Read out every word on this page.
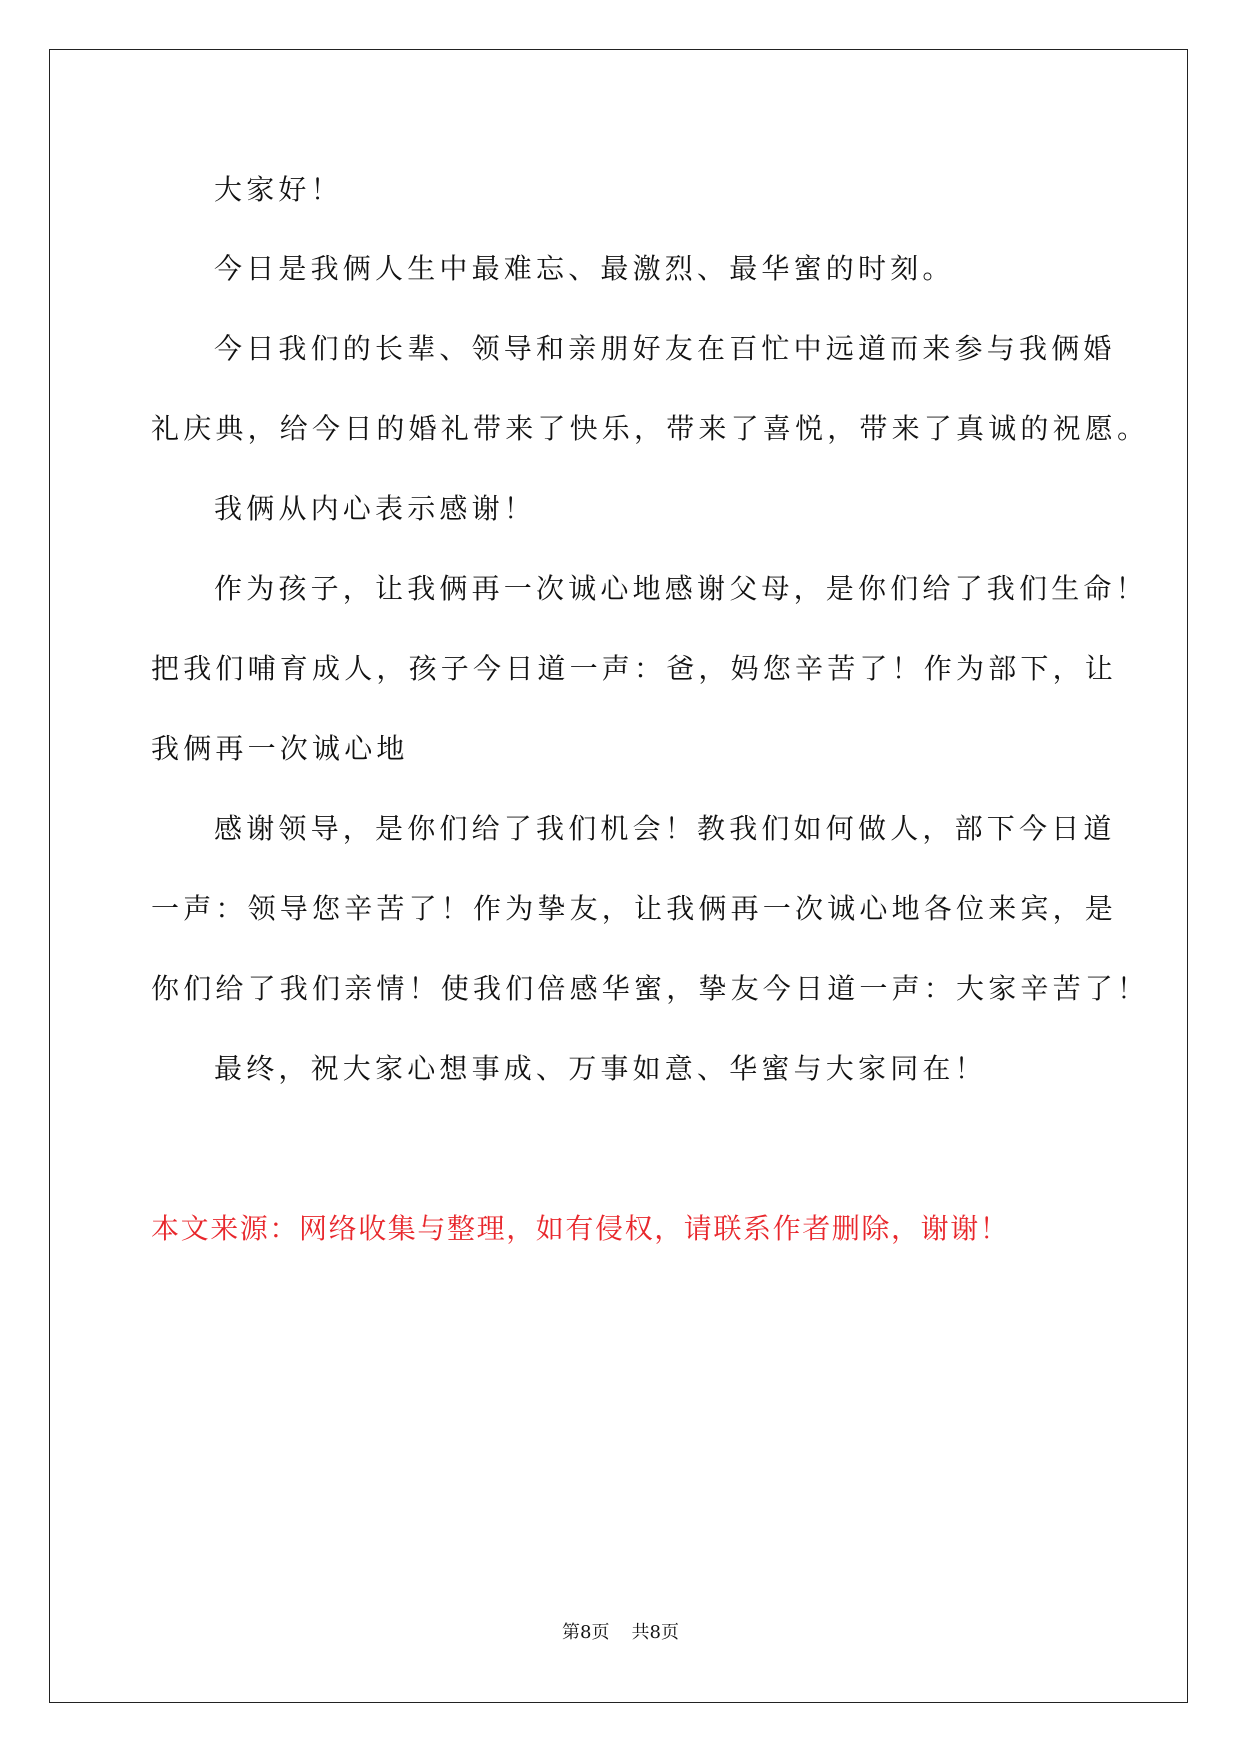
大家好！
今日是我俩人生中最难忘、最激烈、最华蜜的时刻。
今日我们的长辈、领导和亲朋好友在百忙中远道而来参与我俩婚
礼庆典，给今日的婚礼带来了快乐，带来了喜悦，带来了真诚的祝愿。
我俩从内心表示感谢！
作为孩子，让我俩再一次诚心地感谢父母，是你们给了我们生命！
把我们哺育成人，孩子今日道一声：爸，妈您辛苦了！作为部下，让
我俩再一次诚心地
感谢领导，是你们给了我们机会！教我们如何做人，部下今日道
一声：领导您辛苦了！作为挚友，让我俩再一次诚心地各位来宾，是
你们给了我们亲情！使我们倍感华蜜，挚友今日道一声：大家辛苦了！
最终，祝大家心想事成、万事如意、华蜜与大家同在！
本文来源：网络收集与整理，如有侵权，请联系作者删除，谢谢！
第8页 共8页
